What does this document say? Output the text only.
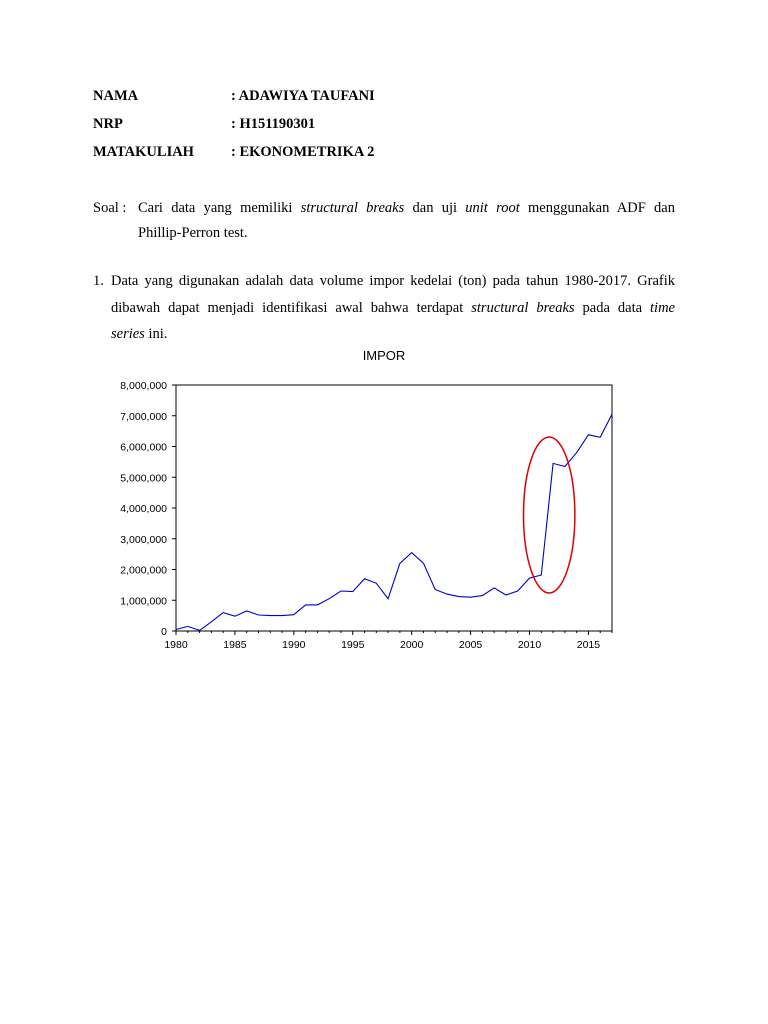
NAMA	: ADAWIYA TAUFANI
NRP	: H151190301
MATAKULIAH	: EKONOMETRIKA 2
Soal : Cari data yang memiliki structural breaks dan uji unit root menggunakan ADF dan
Phillip-Perron test.
1. Data yang digunakan adalah data volume impor kedelai (ton) pada tahun 1980-2017. Grafik
dibawah dapat menjadi identifikasi awal bahwa terdapat structural breaks pada data time
series ini.
IMPOR
0
1,000,000
2,000,000
3,000,000
4,000,000
5,000,000
6,000,000
7,000,000
8,000,000
1980	1985	1990	1995	2000	2005	2010	2015
